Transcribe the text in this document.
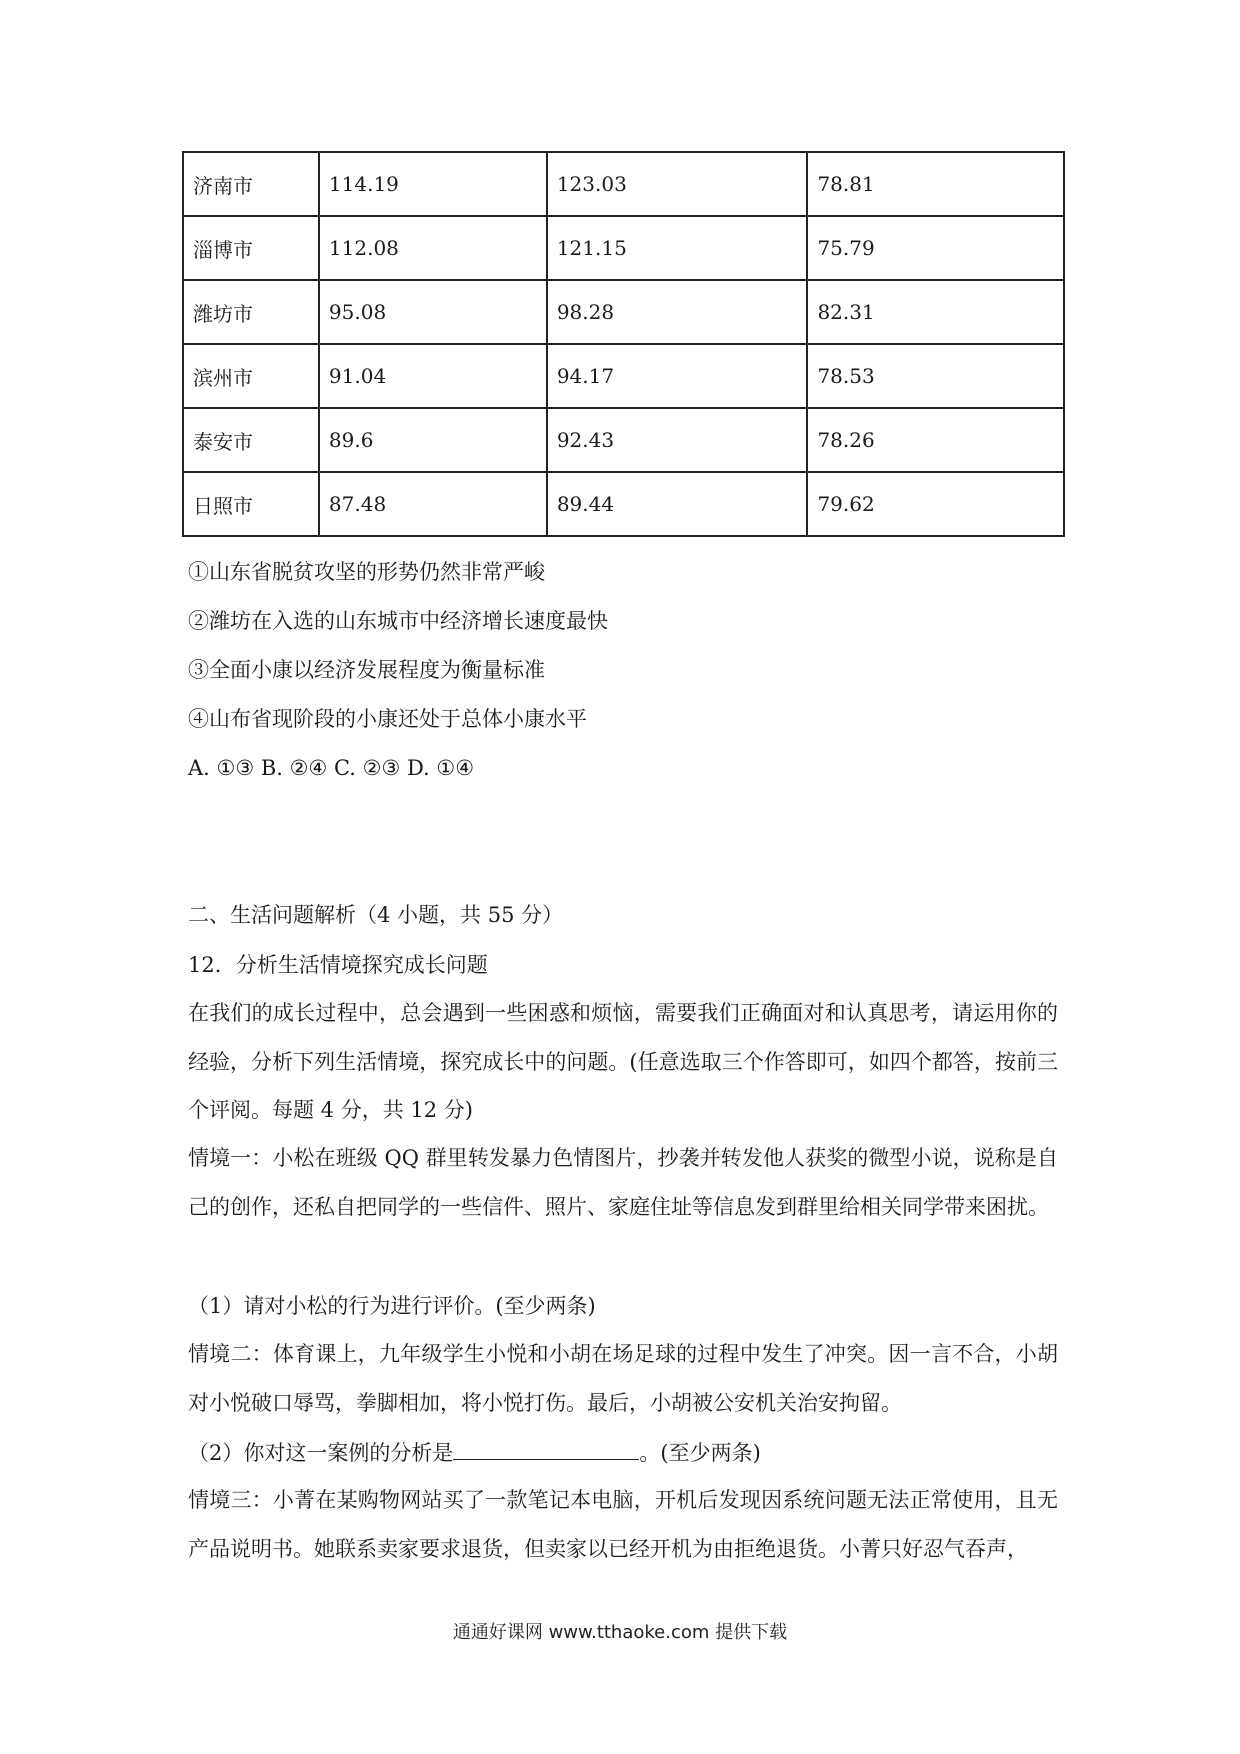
济南市	114.19	123.03	78.81
淄博市	112.08	121.15	75.79
潍坊市	95.08	98.28	82.31
滨州市	91.04	94.17	78.53
泰安市	89.6	92.43	78.26
日照市	87.48	89.44	79.62
①山东省脱贫攻坚的形势仍然非常严峻
②潍坊在入选的山东城市中经济增长速度最快
③全面小康以经济发展程度为衡量标准
④山布省现阶段的小康还处于总体小康水平
A. ①③ B. ②④ C. ②③ D. ①④
二、生活问题解析（4 小题，共 55 分）
12．分析生活情境探究成长问题
在我们的成长过程中，总会遇到一些困惑和烦恼，需要我们正确面对和认真思考，请运用你的经验，分析下列生活情境，探究成长中的问题。(任意选取三个作答即可，如四个都答，按前三个评阅。每题 4 分，共 12 分)
情境一：小松在班级 QQ 群里转发暴力色情图片，抄袭并转发他人获奖的微型小说，说称是自己的创作，还私自把同学的一些信件、照片、家庭住址等信息发到群里给相关同学带来困扰。
（1）请对小松的行为进行评价。(至少两条)
情境二：体育课上，九年级学生小悦和小胡在场足球的过程中发生了冲突。因一言不合，小胡对小悦破口辱骂，拳脚相加，将小悦打伤。最后，小胡被公安机关治安拘留。
（2）你对这一案例的分析是	。(至少两条)
情境三：小菁在某购物网站买了一款笔记本电脑，开机后发现因系统问题无法正常使用，且无产品说明书。她联系卖家要求退货，但卖家以已经开机为由拒绝退货。小菁只好忍气吞声，
通通好课网 www.tthaoke.com 提供下载
